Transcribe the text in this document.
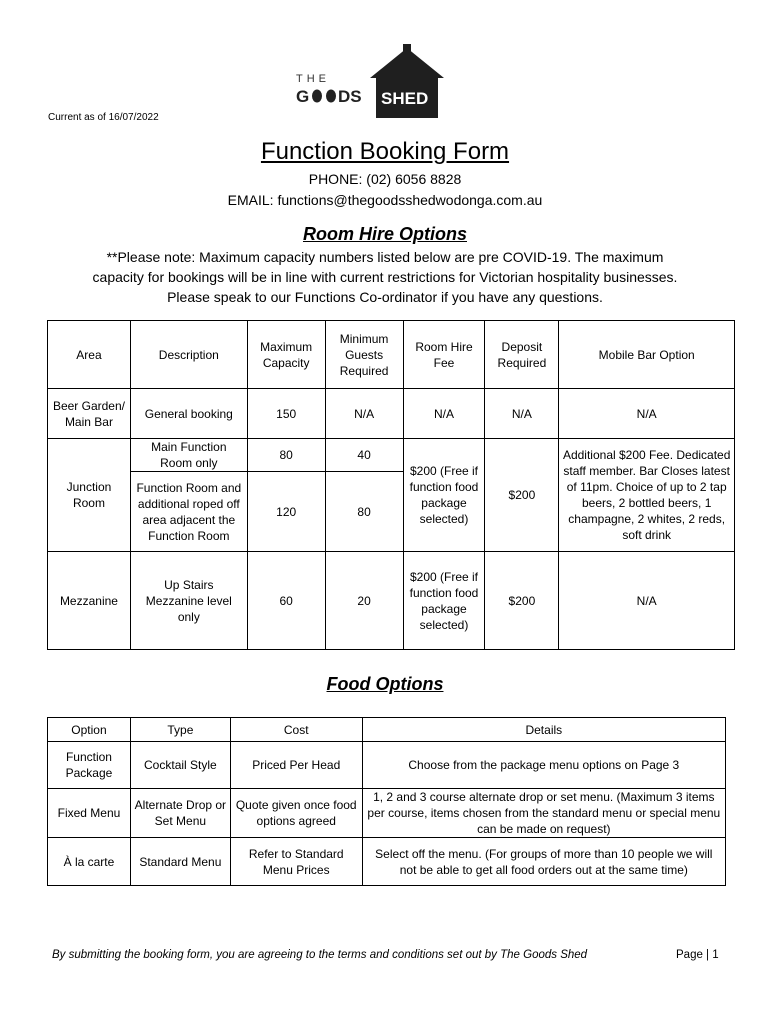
THE
G DS SHED
Current as of 16/07/2022
Function Booking Form
PHONE: (02) 6056 8828
EMAIL: functions@thegoodsshedwodonga.com.au
Room Hire Options
**Please note: Maximum capacity numbers listed below are pre COVID-19. The maximum
capacity for bookings will be in line with current restrictions for Victorian hospitality businesses.
Please speak to our Functions Co-ordinator if you have any questions.
Area	Description	Maximum Capacity	Minimum Guests Required	Room Hire Fee	Deposit Required	Mobile Bar Option
Beer Garden/ Main Bar	General booking	150	N/A	N/A	N/A	N/A
Junction Room	Main Function Room only	80	40	$200 (Free if function food package selected)	$200	Additional $200 Fee. Dedicated staff member. Bar Closes latest of 11pm. Choice of up to 2 tap beers, 2 bottled beers, 1 champagne, 2 whites, 2 reds, soft drink
	Function Room and additional roped off area adjacent the Function Room	120	80			
Mezzanine	Up Stairs Mezzanine level only	60	20	$200 (Free if function food package selected)	$200	N/A
Food Options
Option	Type	Cost	Details
Function Package	Cocktail Style	Priced Per Head	Choose from the package menu options on Page 3
Fixed Menu	Alternate Drop or Set Menu	Quote given once food options agreed	1, 2 and 3 course alternate drop or set menu. (Maximum 3 items per course, items chosen from the standard menu or special menu can be made on request)
À la carte	Standard Menu	Refer to Standard Menu Prices	Select off the menu. (For groups of more than 10 people we will not be able to get all food orders out at the same time)
By submitting the booking form, you are agreeing to the terms and conditions set out by The Goods Shed	Page | 1
